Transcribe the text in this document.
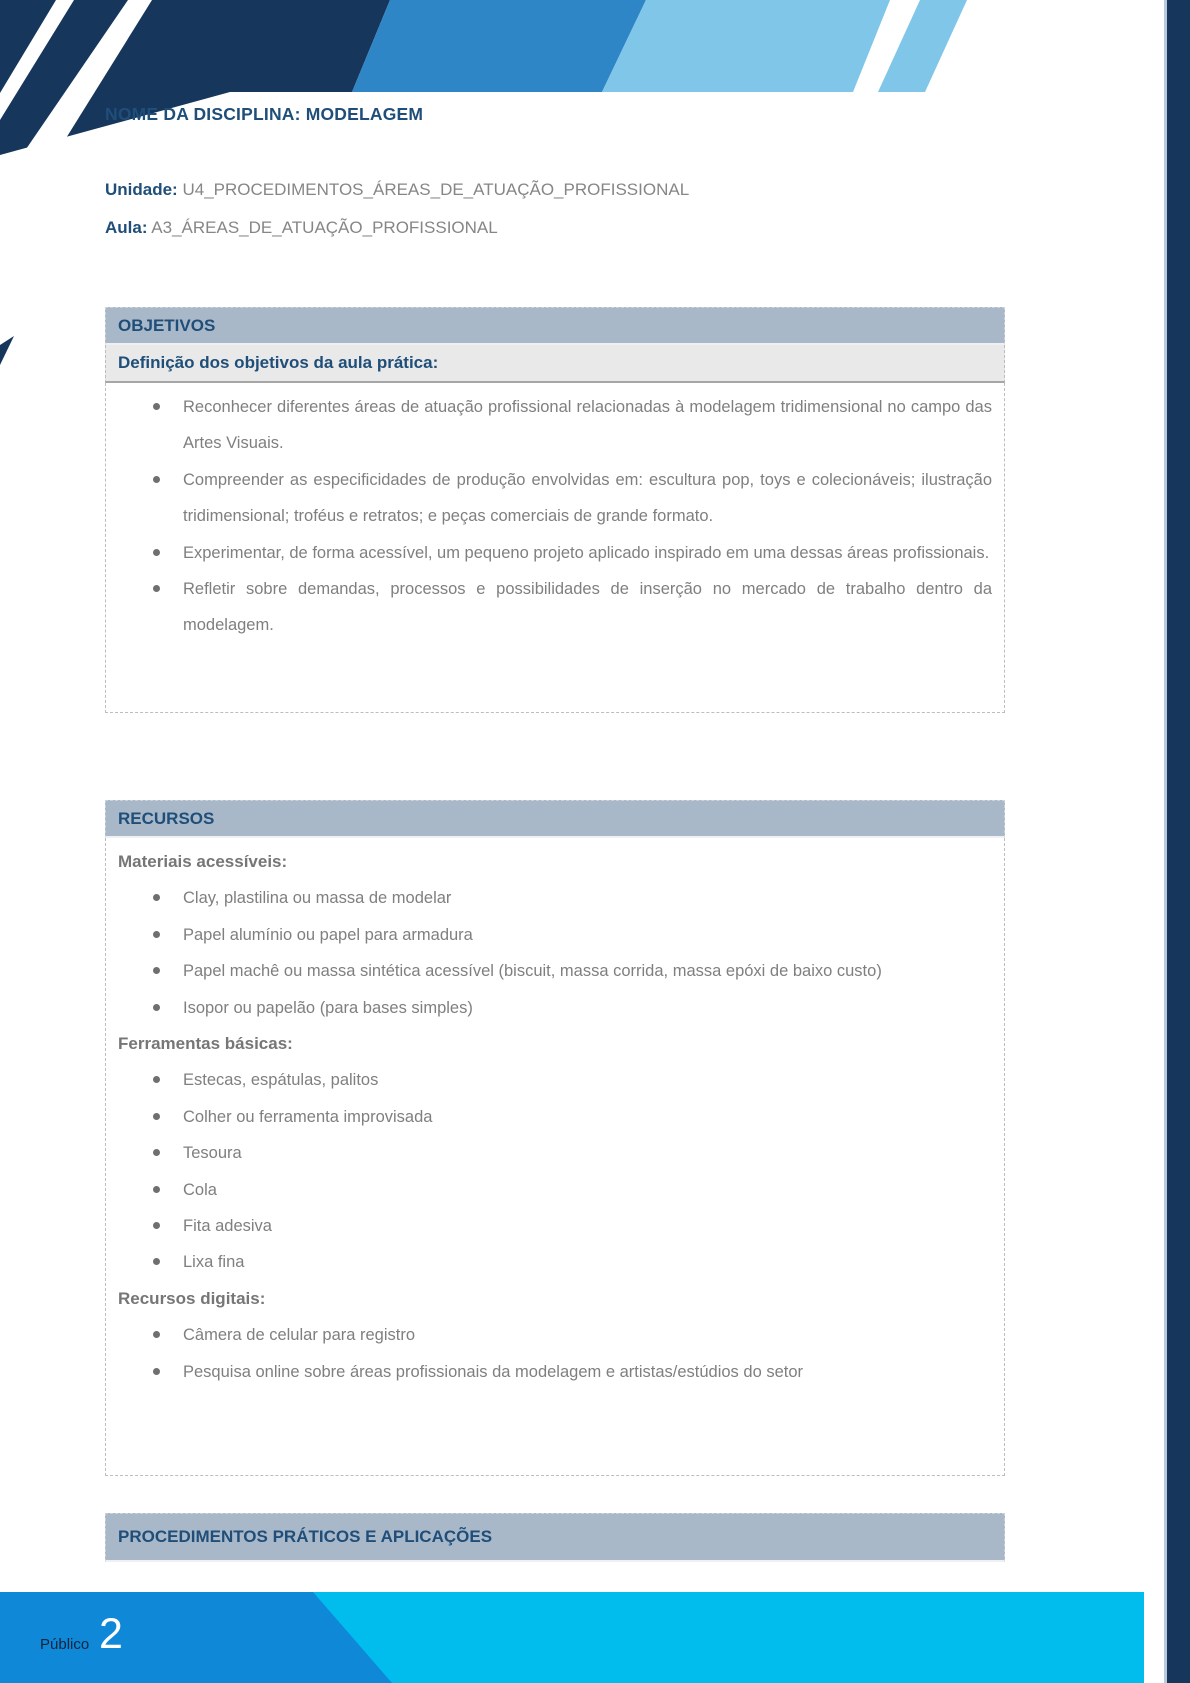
NOME DA DISCIPLINA: MODELAGEM
Unidade: U4_PROCEDIMENTOS_ÁREAS_DE_ATUAÇÃO_PROFISSIONAL
Aula: A3_ÁREAS_DE_ATUAÇÃO_PROFISSIONAL
OBJETIVOS
Definição dos objetivos da aula prática:
Reconhecer diferentes áreas de atuação profissional relacionadas à modelagem tridimensional no campo das Artes Visuais.
Compreender as especificidades de produção envolvidas em: escultura pop, toys e colecionáveis; ilustração tridimensional; troféus e retratos; e peças comerciais de grande formato.
Experimentar, de forma acessível, um pequeno projeto aplicado inspirado em uma dessas áreas profissionais.
Refletir sobre demandas, processos e possibilidades de inserção no mercado de trabalho dentro da modelagem.
RECURSOS
Materiais acessíveis:
Clay, plastilina ou massa de modelar
Papel alumínio ou papel para armadura
Papel machê ou massa sintética acessível (biscuit, massa corrida, massa epóxi de baixo custo)
Isopor ou papelão (para bases simples)
Ferramentas básicas:
Estecas, espátulas, palitos
Colher ou ferramenta improvisada
Tesoura
Cola
Fita adesiva
Lixa fina
Recursos digitais:
Câmera de celular para registro
Pesquisa online sobre áreas profissionais da modelagem e artistas/estúdios do setor
PROCEDIMENTOS PRÁTICOS E APLICAÇÕES
Público 2
